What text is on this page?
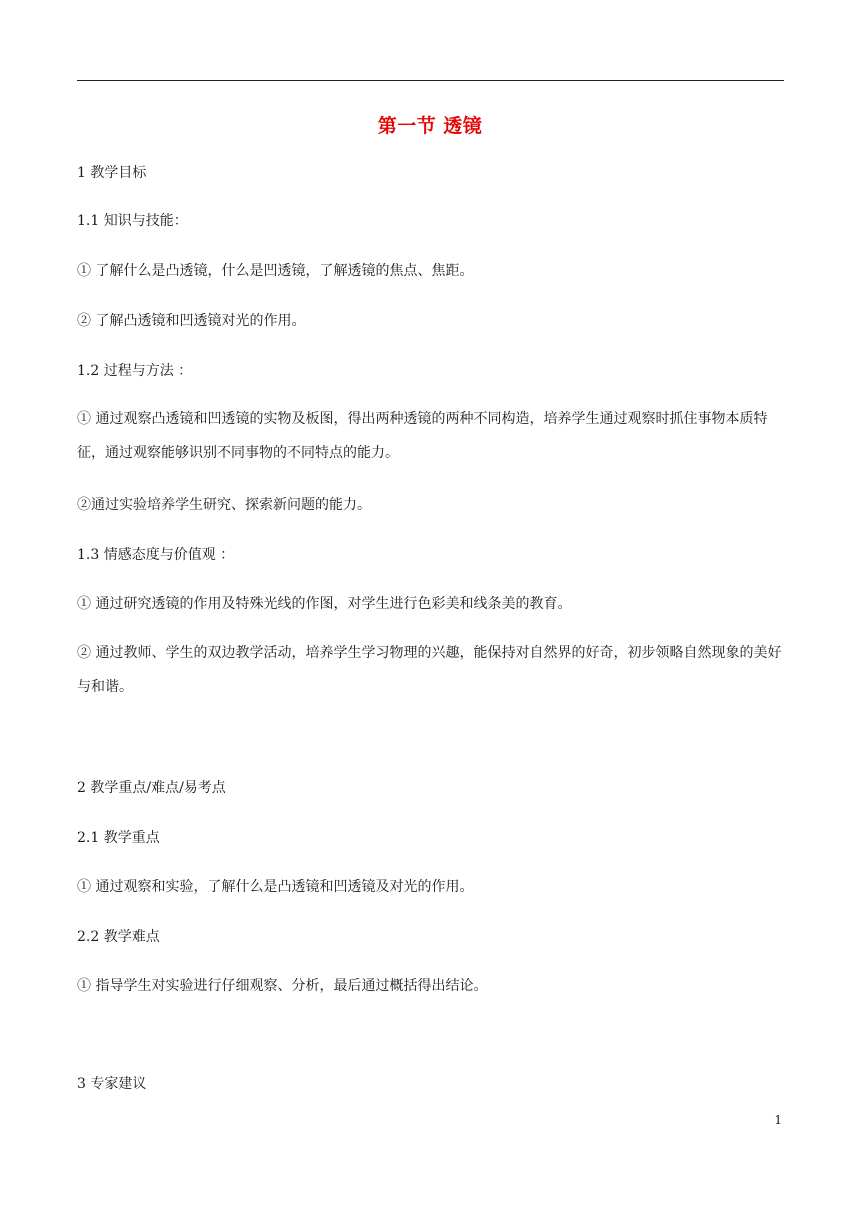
第一节 透镜
1 教学目标
1.1 知识与技能：
① 了解什么是凸透镜，什么是凹透镜，了解透镜的焦点、焦距。
② 了解凸透镜和凹透镜对光的作用。
1.2 过程与方法 ：
① 通过观察凸透镜和凹透镜的实物及板图，得出两种透镜的两种不同构造，培养学生通过观察时抓住事物本质特征，通过观察能够识别不同事物的不同特点的能力。
②通过实验培养学生研究、探索新问题的能力。
1.3 情感态度与价值观 ：
① 通过研究透镜的作用及特殊光线的作图，对学生进行色彩美和线条美的教育。
② 通过教师、学生的双边教学活动，培养学生学习物理的兴趣，能保持对自然界的好奇，初步领略自然现象的美好与和谐。
2 教学重点/难点/易考点
2.1 教学重点
① 通过观察和实验，了解什么是凸透镜和凹透镜及对光的作用。
2.2 教学难点
① 指导学生对实验进行仔细观察、分析，最后通过概括得出结论。
3 专家建议
1
